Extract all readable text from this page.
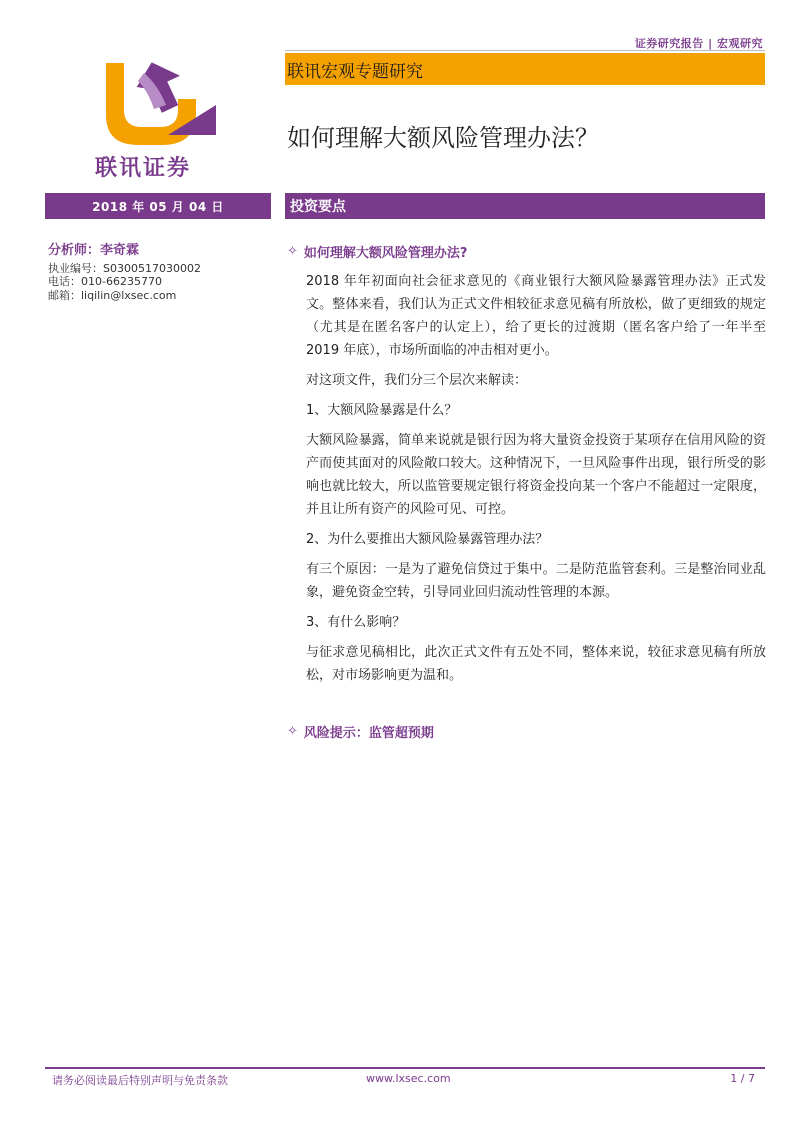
证券研究报告 | 宏观研究
联讯证券
联讯宏观专题研究
如何理解大额风险管理办法？
2018 年 05 月 04 日	投资要点
分析师：李奇霖
执业编号：S0300517030002
电话：010-66235770
邮箱：liqilin@lxsec.com
✧ 如何理解大额风险管理办法?

2018 年年初面向社会征求意见的《商业银行大额风险暴露管理办法》正式发文。整体来看，我们认为正式文件相较征求意见稿有所放松，做了更细致的规定（尤其是在匿名客户的认定上），给了更长的过渡期（匿名客户给了一年半至 2019 年底），市场所面临的冲击相对更小。

对这项文件，我们分三个层次来解读：

1、大额风险暴露是什么？

大额风险暴露，简单来说就是银行因为将大量资金投资于某项存在信用风险的资产而使其面对的风险敞口较大。这种情况下，一旦风险事件出现，银行所受的影响也就比较大，所以监管要规定银行将资金投向某一个客户不能超过一定限度，并且让所有资产的风险可见、可控。

2、为什么要推出大额风险暴露管理办法？

有三个原因：一是为了避免信贷过于集中。二是防范监管套利。三是整治同业乱象，避免资金空转，引导同业回归流动性管理的本源。

3、有什么影响？

与征求意见稿相比，此次正式文件有五处不同，整体来说，较征求意见稿有所放松，对市场影响更为温和。

✧ 风险提示：监管超预期
请务必阅读最后特别声明与免责条款	www.lxsec.com	1 / 7
